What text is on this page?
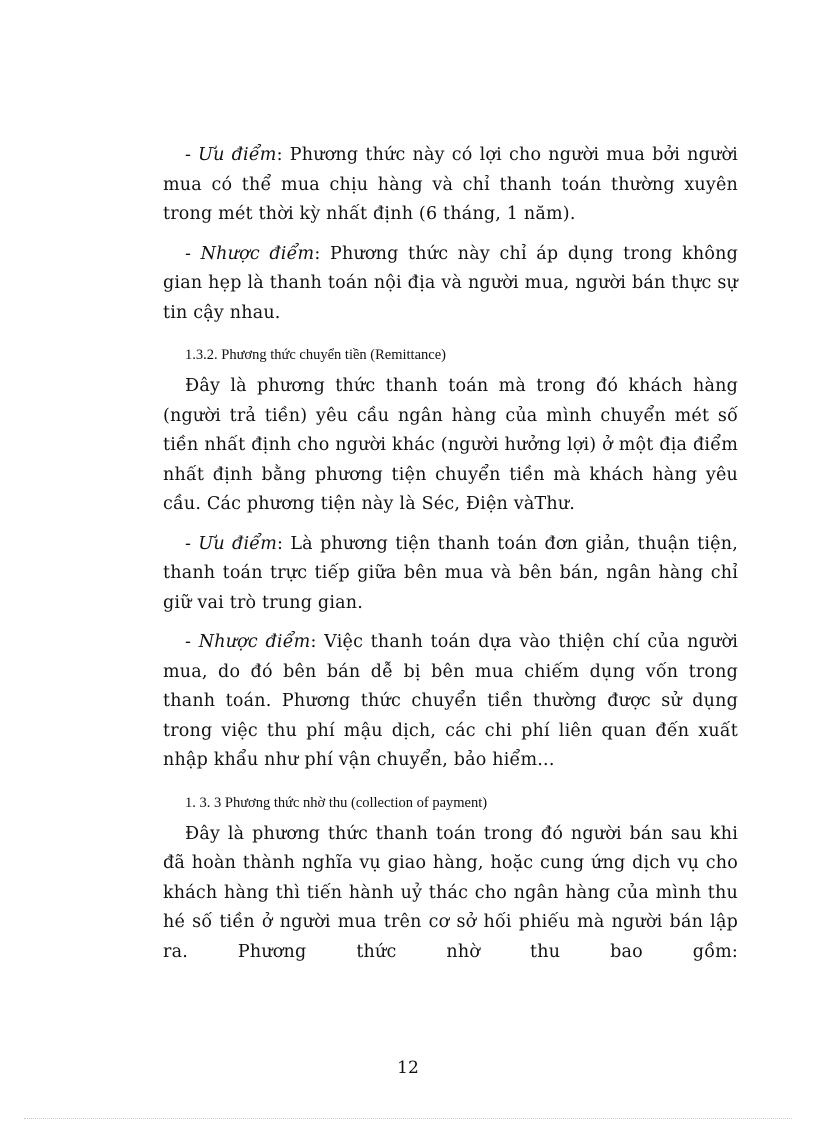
- Ưu điểm: Phương thức này có lợi cho người mua bởi người mua có thể mua chịu hàng và chỉ thanh toán thường xuyên trong mét thời kỳ nhất định (6 tháng, 1 năm).

- Nhược điểm: Phương thức này chỉ áp dụng trong không gian hẹp là thanh toán nội địa và người mua, người bán thực sự tin cậy nhau.

1.3.2. Phương thức chuyển tiền (Remittance)

Đây là phương thức thanh toán mà trong đó khách hàng (người trả tiền) yêu cầu ngân hàng của mình chuyển mét số tiền nhất định cho người khác (người hưởng lợi) ở một địa điểm nhất định bằng phương tiện chuyển tiền mà khách hàng yêu cầu. Các phương tiện này là Séc, Điện vàThư.

- Ưu điểm: Là phương tiện thanh toán đơn giản, thuận tiện, thanh toán trực tiếp giữa bên mua và bên bán, ngân hàng chỉ giữ vai trò trung gian.

- Nhược điểm: Việc thanh toán dựa vào thiện chí của người mua, do đó bên bán dễ bị bên mua chiếm dụng vốn trong thanh toán. Phương thức chuyển tiền thường được sử dụng trong việc thu phí mậu dịch, các chi phí liên quan đến xuất nhập khẩu như phí vận chuyển, bảo hiểm...

1. 3. 3 Phương thức nhờ thu (collection of payment)

Đây là phương thức thanh toán trong đó người bán sau khi đã hoàn thành nghĩa vụ giao hàng, hoặc cung ứng dịch vụ cho khách hàng thì tiến hành uỷ thác cho ngân hàng của mình thu hé số tiền ở người mua trên cơ sở hối phiếu mà người bán lập ra. Phương thức nhờ thu bao gồm:

12
